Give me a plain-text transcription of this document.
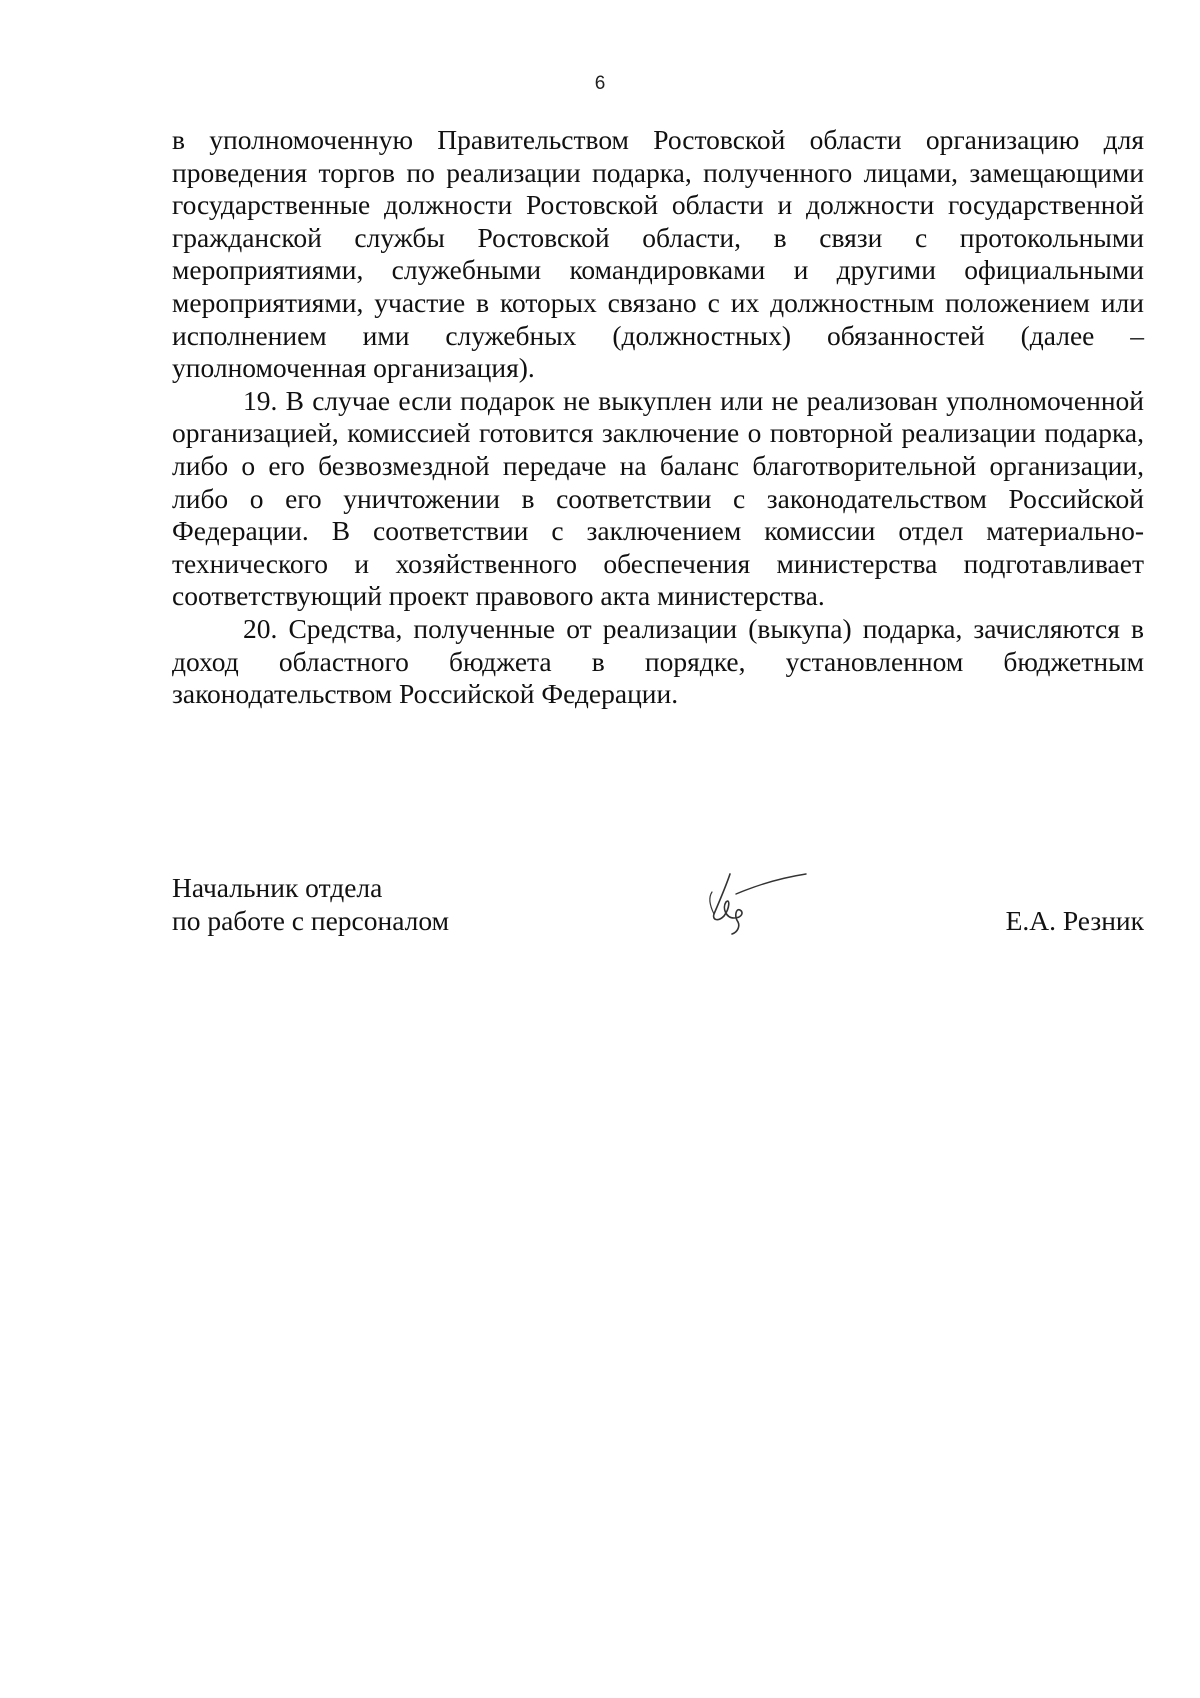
6

в уполномоченную Правительством Ростовской области организацию для проведения торгов по реализации подарка, полученного лицами, замещающими государственные должности Ростовской области и должности государственной гражданской службы Ростовской области, в связи с протокольными мероприятиями, служебными командировками и другими официальными мероприятиями, участие в которых связано с их должностным положением или исполнением ими служебных (должностных) обязанностей (далее – уполномоченная организация).

19. В случае если подарок не выкуплен или не реализован уполномоченной организацией, комиссией готовится заключение о повторной реализации подарка, либо о его безвозмездной передаче на баланс благотворительной организации, либо о его уничтожении в соответствии с законодательством Российской Федерации. В соответствии с заключением комиссии отдел материально-технического и хозяйственного обеспечения министерства подготавливает соответствующий проект правового акта министерства.

20. Средства, полученные от реализации (выкупа) подарка, зачисляются в доход областного бюджета в порядке, установленном бюджетным законодательством Российской Федерации.

Начальник отдела
по работе с персоналом	Е.А. Резник
